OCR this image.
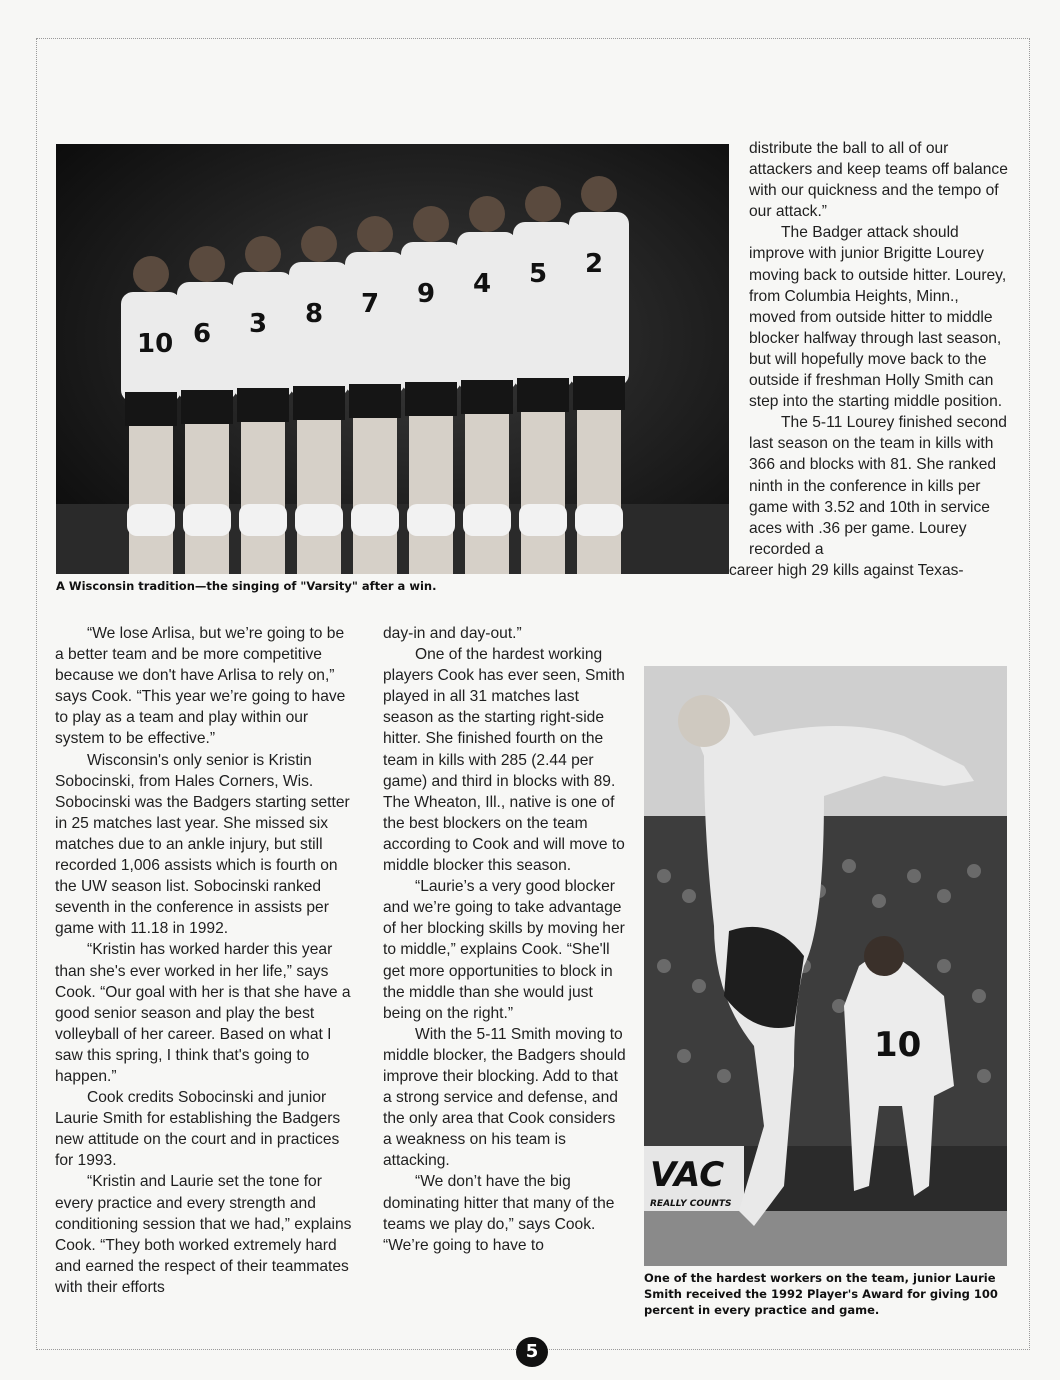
10 6 3 8 7 9 4 5 2
A Wisconsin tradition—the singing of "Varsity" after a win.
VAC
REALLY COUNTS
10
One of the hardest workers on the team, junior Laurie Smith received the 1992 Player's Award for giving 100 percent in every practice and game.

“We lose Arlisa, but we’re going to be a better team and be more competitive because we don't have Arlisa to rely on,” says Cook. “This year we’re going to have to play as a team and play within our system to be effective.”

Wisconsin's only senior is Kristin Sobocinski, from Hales Corners, Wis. Sobocinski was the Badgers starting setter in 25 matches last year. She missed six matches due to an ankle injury, but still recorded 1,006 assists which is fourth on the UW season list. Sobocinski ranked seventh in the conference in assists per game with 11.18 in 1992.

“Kristin has worked harder this year than she's ever worked in her life,” says Cook. “Our goal with her is that she have a good senior season and play the best volleyball of her career. Based on what I saw this spring, I think that's going to happen.”

Cook credits Sobocinski and junior Laurie Smith for establishing the Badgers new attitude on the court and in practices for 1993.

“Kristin and Laurie set the tone for every practice and every strength and conditioning session that we had,” explains Cook. “They both worked extremely hard and earned the respect of their teammates with their efforts

day-in and day-out.”

One of the hardest working players Cook has ever seen, Smith played in all 31 matches last season as the starting right-side hitter. She finished fourth on the team in kills with 285 (2.44 per game) and third in blocks with 89. The Wheaton, Ill., native is one of the best blockers on the team according to Cook and will move to middle blocker this season.

“Laurie’s a very good blocker and we’re going to take advantage of her blocking skills by moving her to middle,” explains Cook. “She'll get more opportunities to block in the middle than she would just being on the right.”

With the 5-11 Smith moving to middle blocker, the Badgers should improve their blocking. Add to that a strong service and defense, and the only area that Cook considers a weakness on his team is attacking.

“We don’t have the big dominating hitter that many of the teams we play do,” says Cook. “We’re going to have to

distribute the ball to all of our attackers and keep teams off balance with our quickness and the tempo of our attack.”

The Badger attack should improve with junior Brigitte Lourey moving back to outside hitter. Lourey, from Columbia Heights, Minn., moved from outside hitter to middle blocker halfway through last season, but will hopefully move back to the outside if freshman Holly Smith can step into the starting middle position.

The 5-11 Lourey finished second last season on the team in kills with 366 and blocks with 81. She ranked ninth in the conference in kills per game with 3.52 and 10th in service aces with .36 per game. Lourey recorded a

career high 29 kills against Texas-

5
